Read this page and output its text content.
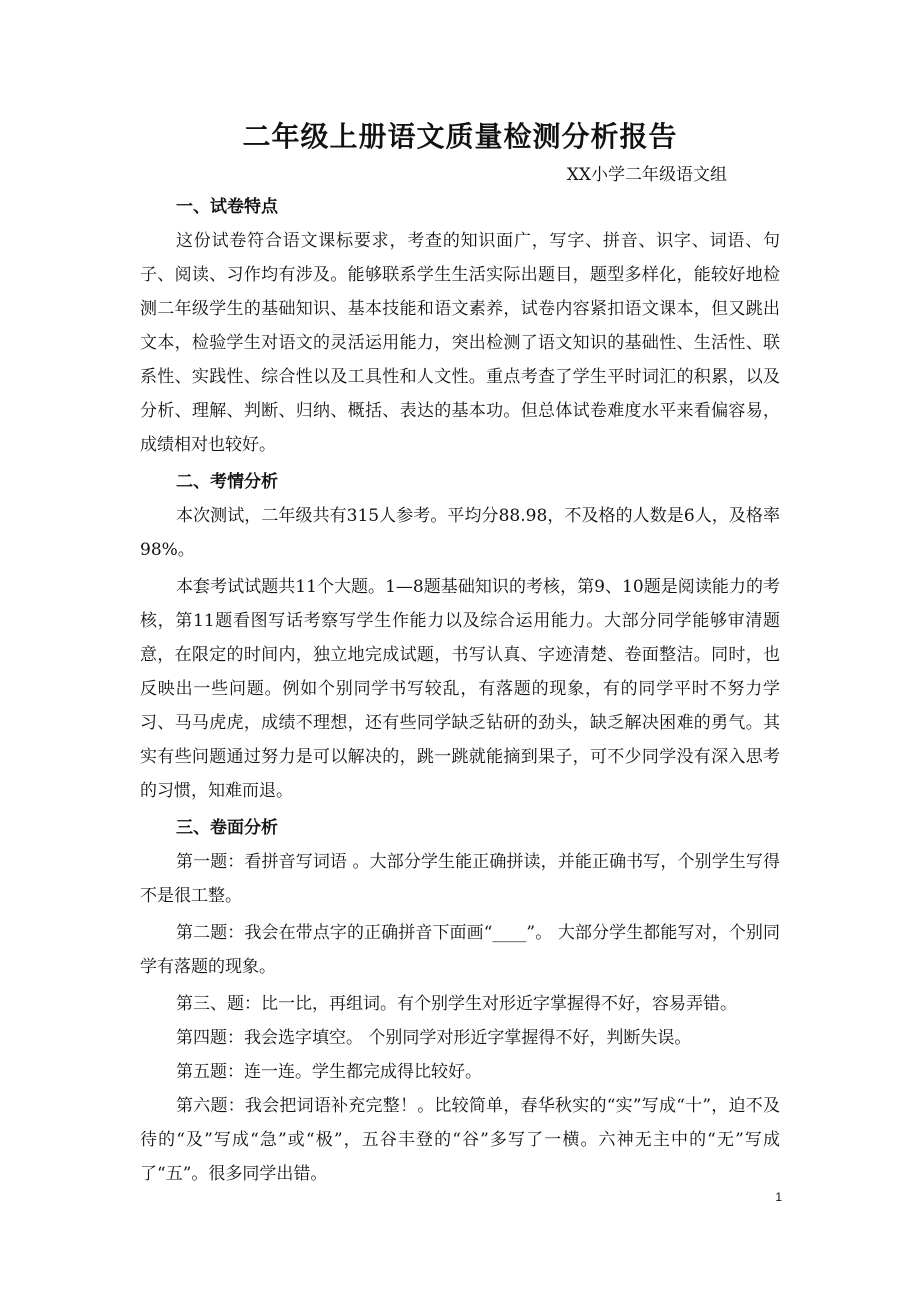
二年级上册语文质量检测分析报告
XX小学二年级语文组

一、试卷特点

这份试卷符合语文课标要求，考查的知识面广，写字、拼音、识字、词语、句子、阅读、习作均有涉及。能够联系学生生活实际出题目，题型多样化，能较好地检测二年级学生的基础知识、基本技能和语文素养，试卷内容紧扣语文课本，但又跳出文本，检验学生对语文的灵活运用能力，突出检测了语文知识的基础性、生活性、联系性、实践性、综合性以及工具性和人文性。重点考查了学生平时词汇的积累，以及分析、理解、判断、归纳、概括、表达的基本功。但总体试卷难度水平来看偏容易，成绩相对也较好。

二、考情分析

本次测试，二年级共有315人参考。平均分88.98，不及格的人数是6人，及格率98%。

本套考试试题共11个大题。1—8题基础知识的考核，第9、10题是阅读能力的考核，第11题看图写话考察写学生作能力以及综合运用能力。大部分同学能够审清题意，在限定的时间内，独立地完成试题，书写认真、字迹清楚、卷面整洁。同时，也反映出一些问题。例如个别同学书写较乱，有落题的现象，有的同学平时不努力学习、马马虎虎，成绩不理想，还有些同学缺乏钻研的劲头，缺乏解决困难的勇气。其实有些问题通过努力是可以解决的，跳一跳就能摘到果子，可不少同学没有深入思考的习惯，知难而退。

三、卷面分析

第一题：看拼音写词语 。大部分学生能正确拼读，并能正确书写，个别学生写得不是很工整。

第二题：我会在带点字的正确拼音下面画“____”。 大部分学生都能写对，个别同学有落题的现象。

第三、题：比一比，再组词。有个别学生对形近字掌握得不好，容易弄错。

第四题：我会选字填空。 个别同学对形近字掌握得不好，判断失误。

第五题：连一连。学生都完成得比较好。

第六题：我会把词语补充完整！。比较简单，春华秋实的“实”写成“十”，迫不及待的“及”写成“急”或“极”，五谷丰登的“谷”多写了一横。六神无主中的“无”写成了“五”。很多同学出错。

1
